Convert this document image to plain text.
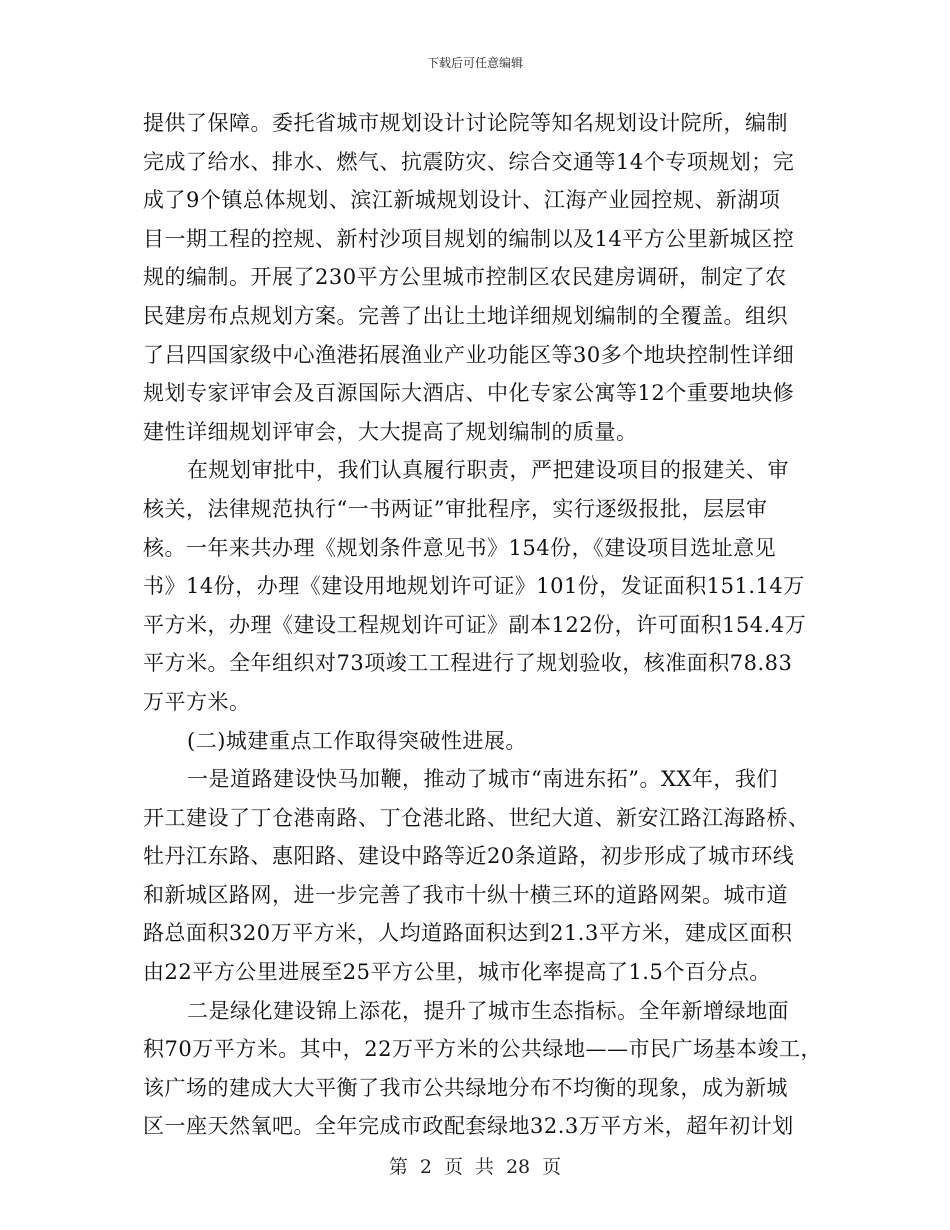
下载后可任意编辑
提供了保障。委托省城市规划设计讨论院等知名规划设计院所，编制
完成了给水、排水、燃气、抗震防灾、综合交通等14个专项规划；完
成了9个镇总体规划、滨江新城规划设计、江海产业园控规、新湖项
目一期工程的控规、新村沙项目规划的编制以及14平方公里新城区控
规的编制。开展了230平方公里城市控制区农民建房调研，制定了农
民建房布点规划方案。完善了出让土地详细规划编制的全覆盖。组织
了吕四国家级中心渔港拓展渔业产业功能区等30多个地块控制性详细
规划专家评审会及百源国际大酒店、中化专家公寓等12个重要地块修
建性详细规划评审会，大大提高了规划编制的质量。
在规划审批中，我们认真履行职责，严把建设项目的报建关、审
核关，法律规范执行“一书两证”审批程序，实行逐级报批，层层审
核。一年来共办理《规划条件意见书》154份，《建设项目选址意见
书》14份，办理《建设用地规划许可证》101份，发证面积151.14万
平方米，办理《建设工程规划许可证》副本122份，许可面积154.4万
平方米。全年组织对73项竣工工程进行了规划验收，核准面积78.83
万平方米。
(二)城建重点工作取得突破性进展。
一是道路建设快马加鞭，推动了城市“南进东拓”。XX年，我们
开工建设了丁仓港南路、丁仓港北路、世纪大道、新安江路江海路桥、
牡丹江东路、惠阳路、建设中路等近20条道路，初步形成了城市环线
和新城区路网，进一步完善了我市十纵十横三环的道路网架。城市道
路总面积320万平方米，人均道路面积达到21.3平方米，建成区面积
由22平方公里进展至25平方公里，城市化率提高了1.5个百分点。
二是绿化建设锦上添花，提升了城市生态指标。全年新增绿地面
积70万平方米。其中，22万平方米的公共绿地——市民广场基本竣工，
该广场的建成大大平衡了我市公共绿地分布不均衡的现象，成为新城
区一座天然氧吧。全年完成市政配套绿地32.3万平方米，超年初计划
第 2 页 共 28 页
